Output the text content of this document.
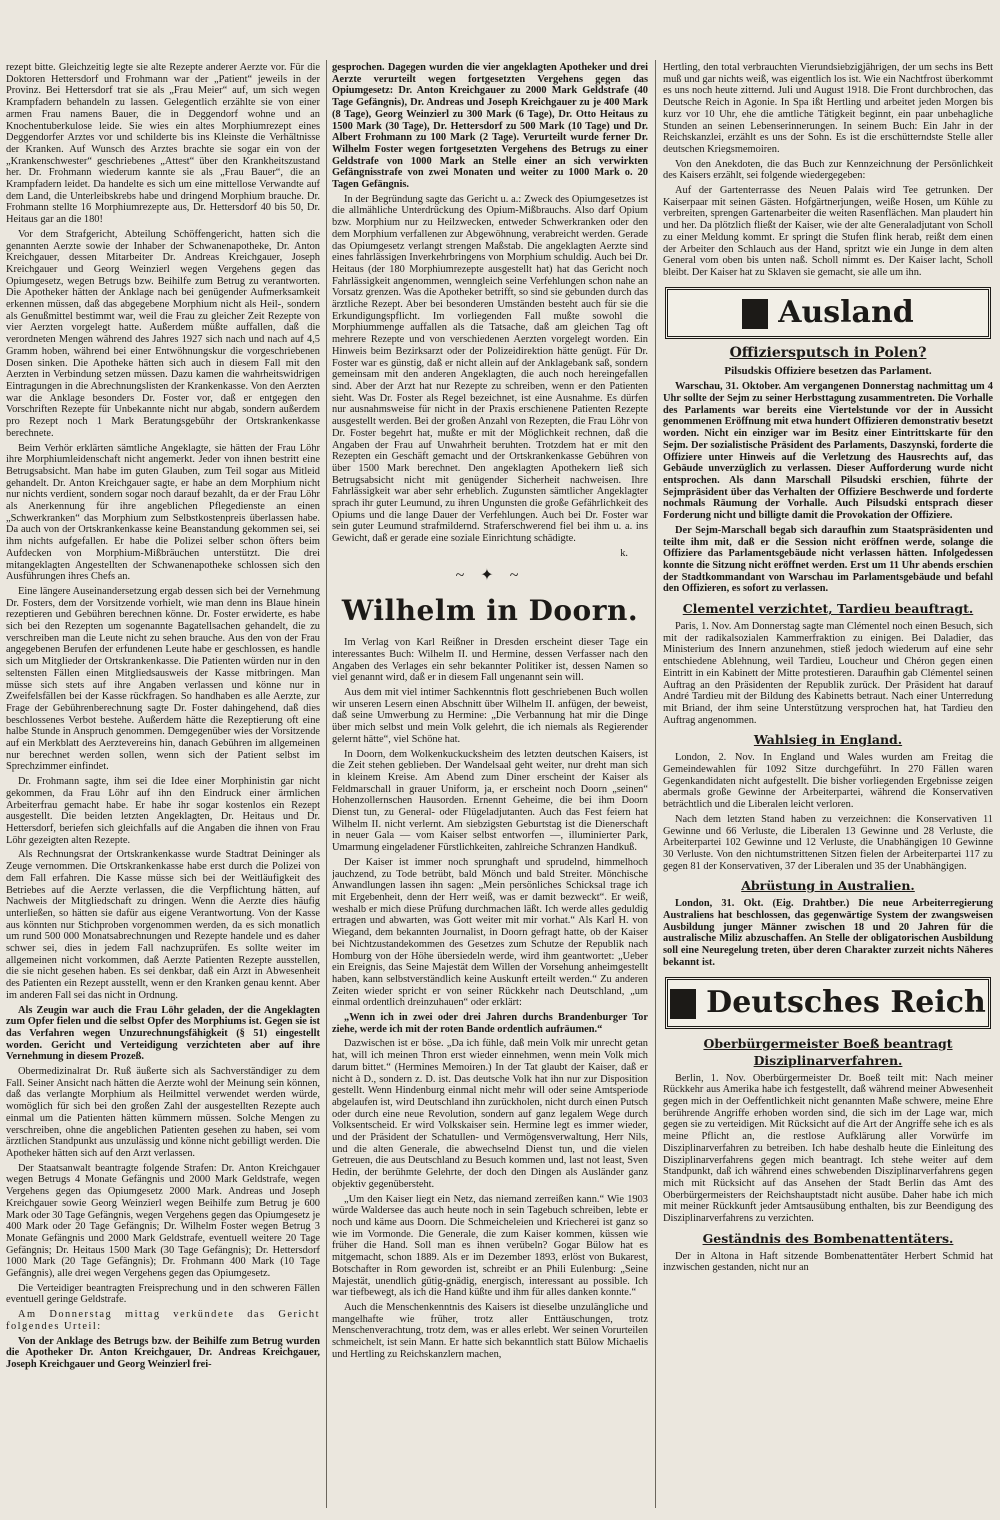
rezept bitte. Gleichzeitig legte sie alte Rezepte anderer Aerzte vor. Für die Doktoren Hettersdorf und Frohmann war der „Patient“ jeweils in der Provinz. Bei Hettersdorf trat sie als „Frau Meier“ auf, um sich wegen Krampfadern behandeln zu lassen. Gelegentlich erzählte sie von einer armen Frau namens Bauer, die in Deggendorf wohne und an Knochentuberkulose leide. Sie wies ein altes Morphiumrezept eines Deggendorfer Arztes vor und schilderte bis ins Kleinste die Verhältnisse der Kranken. Auf Wunsch des Arztes brachte sie sogar ein von der „Krankenschwester“ geschriebenes „Attest“ über den Krankheitszustand her. Dr. Frohmann wiederum kannte sie als „Frau Bauer“, die an Krampfadern leidet. Da handelte es sich um eine mittellose Verwandte auf dem Land, die Unterleibskrebs habe und dringend Morphium brauche. Dr. Frohmann stellte 16 Morphiumrezepte aus, Dr. Hettersdorf 40 bis 50, Dr. Heitaus gar an die 180!

Vor dem Strafgericht, Abteilung Schöffengericht, hatten sich die genannten Aerzte sowie der Inhaber der Schwanenapotheke, Dr. Anton Kreichgauer, dessen Mitarbeiter Dr. Andreas Kreichgauer, Joseph Kreichgauer und Georg Weinzierl wegen Vergehens gegen das Opiumgesetz, wegen Betrugs bzw. Beihilfe zum Betrug zu verantworten. Die Apotheker hätten der Anklage nach bei genügender Aufmerksamkeit erkennen müssen, daß das abgegebene Morphium nicht als Heil-, sondern als Genußmittel bestimmt war, weil die Frau zu gleicher Zeit Rezepte von vier Aerzten vorgelegt hatte. Außerdem müßte auffallen, daß die verordneten Mengen während des Jahres 1927 sich nach und nach auf 4,5 Gramm hoben, während bei einer Entwöhnungskur die vorgeschriebenen Dosen sinken. Die Apotheke hätten sich auch in diesem Fall mit den Aerzten in Verbindung setzen müssen. Dazu kamen die wahrheitswidrigen Eintragungen in die Abrechnungslisten der Krankenkasse. Von den Aerzten war die Anklage besonders Dr. Foster vor, daß er entgegen den Vorschriften Rezepte für Unbekannte nicht nur abgab, sondern außerdem pro Rezept noch 1 Mark Beratungsgebühr der Ortskrankenkasse berechnete.

Beim Verhör erklärten sämtliche Angeklagte, sie hätten der Frau Löhr ihre Morphiumleidenschaft nicht angemerkt. Jeder von ihnen bestritt eine Betrugsabsicht. Man habe im guten Glauben, zum Teil sogar aus Mitleid gehandelt. Dr. Anton Kreichgauer sagte, er habe an dem Morphium nicht nur nichts verdient, sondern sogar noch darauf bezahlt, da er der Frau Löhr als Anerkennung für ihre angeblichen Pflegedienste an einen „Schwerkranken“ das Morphium zum Selbstkostenpreis überlassen habe. Da auch von der Ortskrankenkasse keine Beanstandung gekommen sei, sei ihm nichts aufgefallen. Er habe die Polizei selber schon öfters beim Aufdecken von Morphium-Mißbräuchen unterstützt. Die drei mitangeklagten Angestellten der Schwanenapotheke schlossen sich den Ausführungen ihres Chefs an.

Eine längere Auseinandersetzung ergab dessen sich bei der Vernehmung Dr. Fosters, dem der Vorsitzende vorhielt, wie man denn ins Blaue hinein rezeptieren und Gebühren berechnen könne. Dr. Foster erwiderte, es habe sich bei den Rezepten um sogenannte Bagatellsachen gehandelt, die zu verschreiben man die Leute nicht zu sehen brauche. Aus den von der Frau angegebenen Berufen der erfundenen Leute habe er geschlossen, es handle sich um Mitglieder der Ortskrankenkasse. Die Patienten würden nur in den seltensten Fällen einen Mitgliedsausweis der Kasse mitbringen. Man müsse sich stets auf ihre Angaben verlassen und könne nur in Zweifelsfällen bei der Kasse rückfragen. So handhaben es alle Aerzte, zur Frage der Gebührenberechnung sagte Dr. Foster dahingehend, daß dies beschlossenes Verbot bestehe. Außerdem hätte die Rezeptierung oft eine halbe Stunde in Anspruch genommen. Demgegenüber wies der Vorsitzende auf ein Merkblatt des Aerztevereins hin, danach Gebühren im allgemeinen nur berechnet werden sollen, wenn sich der Patient selbst im Sprechzimmer einfindet.

Dr. Frohmann sagte, ihm sei die Idee einer Morphinistin gar nicht gekommen, da Frau Löhr auf ihn den Eindruck einer ärmlichen Arbeiterfrau gemacht habe. Er habe ihr sogar kostenlos ein Rezept ausgestellt. Die beiden letzten Angeklagten, Dr. Heitaus und Dr. Hettersdorf, beriefen sich gleichfalls auf die Angaben die ihnen von Frau Löhr gezeigten alten Rezepte.

Als Rechnungsrat der Ortskrankenkasse wurde Stadtrat Deininger als Zeuge vernommen. Die Ortskrankenkasse habe erst durch die Polizei von dem Fall erfahren. Die Kasse müsse sich bei der Weitläufigkeit des Betriebes auf die Aerzte verlassen, die die Verpflichtung hätten, auf Nachweis der Mitgliedschaft zu dringen. Wenn die Aerzte dies häufig unterließen, so hätten sie dafür aus eigene Verantwortung. Von der Kasse aus könnten nur Stichproben vorgenommen werden, da es sich monatlich um rund 500 000 Monatsabrechnungen und Rezepte handele und es daher schwer sei, dies in jedem Fall nachzuprüfen. Es sollte weiter im allgemeinen nicht vorkommen, daß Aerzte Patienten Rezepte ausstellen, die sie nicht gesehen haben. Es sei denkbar, daß ein Arzt in Abwesenheit des Patienten ein Rezept ausstellt, wenn er den Kranken genau kennt. Aber im anderen Fall sei das nicht in Ordnung.

Als Zeugin war auch die Frau Löhr geladen, der die Angeklagten zum Opfer fielen und die selbst Opfer des Morphiums ist. Gegen sie ist das Verfahren wegen Unzurechnungsfähigkeit (§ 51) eingestellt worden. Gericht und Verteidigung verzichteten aber auf ihre Vernehmung in diesem Prozeß.

Obermedizinalrat Dr. Ruß äußerte sich als Sachverständiger zu dem Fall. Seiner Ansicht nach hätten die Aerzte wohl der Meinung sein können, daß das verlangte Morphium als Heilmittel verwendet werden würde, womöglich für sich bei den großen Zahl der ausgestellten Rezepte auch einmal um die Patienten hätten kümmern müssen. Solche Mengen zu verschreiben, ohne die angeblichen Patienten gesehen zu haben, sei vom ärztlichen Standpunkt aus unzulässig und könne nicht gebilligt werden. Die Apotheker hätten sich auf den Arzt verlassen.

Der Staatsanwalt beantragte folgende Strafen: Dr. Anton Kreichgauer wegen Betrugs 4 Monate Gefängnis und 2000 Mark Geldstrafe, wegen Vergehens gegen das Opiumgesetz 2000 Mark. Andreas und Joseph Kreichgauer sowie Georg Weinzierl wegen Beihilfe zum Betrug je 600 Mark oder 30 Tage Gefängnis, wegen Vergehens gegen das Opiumgesetz je 400 Mark oder 20 Tage Gefängnis; Dr. Wilhelm Foster wegen Betrug 3 Monate Gefängnis und 2000 Mark Geldstrafe, eventuell weitere 20 Tage Gefängnis; Dr. Heitaus 1500 Mark (30 Tage Gefängnis); Dr. Hettersdorf 1000 Mark (20 Tage Gefängnis); Dr. Frohmann 400 Mark (10 Tage Gefängnis), alle drei wegen Vergehens gegen das Opiumgesetz.

Die Verteidiger beantragten Freisprechung und in den schweren Fällen eventuell geringe Geldstrafe.

Am Donnerstag mittag verkündete das Gericht folgendes Urteil:

Von der Anklage des Betrugs bzw. der Beihilfe zum Betrug wurden die Apotheker Dr. Anton Kreichgauer, Dr. Andreas Kreichgauer, Joseph Kreichgauer und Georg Weinzierl frei-

gesprochen. Dagegen wurden die vier angeklagten Apotheker und drei Aerzte verurteilt wegen fortgesetzten Vergehens gegen das Opiumgesetz: Dr. Anton Kreichgauer zu 2000 Mark Geldstrafe (40 Tage Gefängnis), Dr. Andreas und Joseph Kreichgauer zu je 400 Mark (8 Tage), Georg Weinzierl zu 300 Mark (6 Tage), Dr. Otto Heitaus zu 1500 Mark (30 Tage), Dr. Hettersdorf zu 500 Mark (10 Tage) und Dr. Albert Frohmann zu 100 Mark (2 Tage). Verurteilt wurde ferner Dr. Wilhelm Foster wegen fortgesetzten Vergehens des Betrugs zu einer Geldstrafe von 1000 Mark an Stelle einer an sich verwirkten Gefängnisstrafe von zwei Monaten und weiter zu 1000 Mark o. 20 Tagen Gefängnis.

In der Begründung sagte das Gericht u. a.: Zweck des Opiumgesetzes ist die allmähliche Unterdrückung des Opium-Mißbrauchs. Also darf Opium bzw. Morphium nur zu Heilzwecken, entweder Schwerkranken oder den dem Morphium verfallenen zur Abgewöhnung, verabreicht werden. Gerade das Opiumgesetz verlangt strengen Maßstab. Die angeklagten Aerzte sind eines fahrlässigen Inverkehrbringens von Morphium schuldig. Auch bei Dr. Heitaus (der 180 Morphiumrezepte ausgestellt hat) hat das Gericht noch Fahrlässigkeit angenommen, wenngleich seine Verfehlungen schon nahe an Vorsatz grenzen. Was die Apotheker betrifft, so sind sie gebunden durch das ärztliche Rezept. Aber bei besonderen Umständen besteht auch für sie die Erkundigungspflicht. Im vorliegenden Fall mußte sowohl die Morphiummenge auffallen als die Tatsache, daß am gleichen Tag oft mehrere Rezepte und von verschiedenen Aerzten vorgelegt worden. Ein Hinweis beim Bezirksarzt oder der Polizeidirektion hätte genügt. Für Dr. Foster war es günstig, daß er nicht allein auf der Anklagebank saß, sondern gemeinsam mit den anderen Angeklagten, die auch noch hereingefallen sind. Aber der Arzt hat nur Rezepte zu schreiben, wenn er den Patienten sieht. Was Dr. Foster als Regel bezeichnet, ist eine Ausnahme. Es dürfen nur ausnahmsweise für nicht in der Praxis erschienene Patienten Rezepte ausgestellt werden. Bei der großen Anzahl von Rezepten, die Frau Löhr von Dr. Foster begehrt hat, mußte er mit der Möglichkeit rechnen, daß die Angaben der Frau auf Unwahrheit beruhten. Trotzdem hat er mit den Rezepten ein Geschäft gemacht und der Ortskrankenkasse Gebühren von über 1500 Mark berechnet. Den angeklagten Apothekern ließ sich Betrugsabsicht nicht mit genügender Sicherheit nachweisen. Ihre Fahrlässigkeit war aber sehr erheblich. Zugunsten sämtlicher Angeklagter sprach ihr guter Leumund, zu ihren Ungunsten die große Gefährlichkeit des Opiums und die lange Dauer der Verfehlungen. Auch bei Dr. Foster war sein guter Leumund strafmildernd. Straferschwerend fiel bei ihm u. a. ins Gewicht, daß er gerade eine soziale Einrichtung schädigte.

k.
~ ✦ ~
Wilhelm in Doorn.

Im Verlag von Karl Reißner in Dresden erscheint dieser Tage ein interessantes Buch: Wilhelm II. und Hermine, dessen Verfasser nach den Angaben des Verlages ein sehr bekannter Politiker ist, dessen Namen so viel genannt wird, daß er in diesem Fall ungenannt sein will.

Aus dem mit viel intimer Sachkenntnis flott geschriebenen Buch wollen wir unseren Lesern einen Abschnitt über Wilhelm II. anfügen, der beweist, daß seine Umwerbung zu Hermine: „Die Verbannung hat mir die Dinge über mich selbst und mein Volk gelehrt, die ich niemals als Regierender gelernt hätte“, viel Schöne hat.

In Doorn, dem Wolkenkuckucksheim des letzten deutschen Kaisers, ist die Zeit stehen geblieben. Der Wandelsaal geht weiter, nur dreht man sich in kleinem Kreise. Am Abend zum Diner erscheint der Kaiser als Feldmarschall in grauer Uniform, ja, er erscheint noch Doorn „seinen“ Hohenzollernschen Hausorden. Ernennt Geheime, die bei ihm Doorn Dienst tun, zu General- oder Flügeladjutanten. Auch das Fest feiern hat Wilhelm II. nicht verlernt. Am siebzigsten Geburtstag ist die Dienerschaft in neuer Gala — vom Kaiser selbst entworfen —, illuminierter Park, Umarmung eingeladener Fürstlichkeiten, zahlreiche Schranzen Handkuß.

Der Kaiser ist immer noch sprunghaft und sprudelnd, himmelhoch jauchzend, zu Tode betrübt, bald Mönch und bald Streiter. Mönchische Anwandlungen lassen ihn sagen: „Mein persönliches Schicksal trage ich mit Ergebenheit, denn der Herr weiß, was er damit bezweckt“. Er weiß, weshalb er mich diese Prüfung durchmachen läßt. Ich werde alles geduldig ertragen und abwarten, was Gott weiter mit mir vorhat.“ Als Karl H. von Wiegand, dem bekannten Journalist, in Doorn gefragt hatte, ob der Kaiser bei Nichtzustandekommen des Gesetzes zum Schutze der Republik nach Homburg von der Höhe übersiedeln werde, wird ihm geantwortet: „Ueber ein Ereignis, das Seine Majestät dem Willen der Vorsehung anheimgestellt haben, kann selbstverständlich keine Auskunft erteilt werden.“ Zu anderen Zeiten wieder spricht er von seiner Rückkehr nach Deutschland, „um einmal ordentlich dreinzuhauen“ oder erklärt:

„Wenn ich in zwei oder drei Jahren durchs Brandenburger Tor ziehe, werde ich mit der roten Bande ordentlich aufräumen.“

Dazwischen ist er böse. „Da ich fühle, daß mein Volk mir unrecht getan hat, will ich meinen Thron erst wieder einnehmen, wenn mein Volk mich darum bittet.“ (Hermines Memoiren.) In der Tat glaubt der Kaiser, daß er nicht à D., sondern z. D. ist. Das deutsche Volk hat ihn nur zur Disposition gestellt. Wenn Hindenburg einmal nicht mehr will oder seine Amtsperiode abgelaufen ist, wird Deutschland ihn zurückholen, nicht durch einen Putsch oder durch eine neue Revolution, sondern auf ganz legalem Wege durch Volksentscheid. Er wird Volkskaiser sein. Hermine legt es immer wieder, und der Präsident der Schatullen- und Vermögensverwaltung, Herr Nils, und die alten Generale, die abwechselnd Dienst tun, und die vielen Getreuen, die aus Deutschland zu Besuch kommen und, last not least, Sven Hedin, der berühmte Gelehrte, der doch den Dingen als Ausländer ganz objektiv gegenübersteht.

„Um den Kaiser liegt ein Netz, das niemand zerreißen kann.“ Wie 1903 würde Waldersee das auch heute noch in sein Tagebuch schreiben, lebte er noch und käme aus Doorn. Die Schmeicheleien und Kriecherei ist ganz so wie im Vormonde. Die Generale, die zum Kaiser kommen, küssen wie früher die Hand. Soll man es ihnen verübeln? Gogar Bülow hat es mitgemacht, schon 1889. Als er im Dezember 1893, erlöst von Bukarest, Botschafter in Rom geworden ist, schreibt er an Phili Eulenburg: „Seine Majestät, unendlich gütig-gnädig, energisch, interessant au possible. Ich war tiefbewegt, als ich die Hand küßte und ihm für alles danken konnte.“

Auch die Menschenkenntnis des Kaisers ist dieselbe unzulängliche und mangelhafte wie früher, trotz aller Enttäuschungen, trotz Menschenverachtung, trotz dem, was er alles erlebt. Wer seinen Vorurteilen schmeichelt, ist sein Mann. Er hatte sich bekanntlich statt Bülow Michaelis und Hertling zu Reichskanzlern machen,

Hertling, den total verbrauchten Vierundsiebzigjährigen, der um sechs ins Bett muß und gar nichts weiß, was eigentlich los ist. Wie ein Nachtfrost überkommt es uns noch heute zitternd. Juli und August 1918. Die Front durchbrochen, das Deutsche Reich in Agonie. In Spa ißt Hertling und arbeitet jeden Morgen bis kurz vor 10 Uhr, ehe die amtliche Tätigkeit beginnt, ein paar unbehagliche Stunden an seinen Lebenserinnerungen. In seinem Buch: Ein Jahr in der Reichskanzlei, erzählt es uns der Sohn. Es ist die erschütterndste Stelle aller deutschen Kriegsmemoiren.

Von den Anekdoten, die das Buch zur Kennzeichnung der Persönlichkeit des Kaisers erzählt, sei folgende wiedergegeben:

Auf der Gartenterrasse des Neuen Palais wird Tee getrunken. Der Kaiserpaar mit seinen Gästen. Hofgärtnerjungen, weiße Hosen, um Kühle zu verbreiten, sprengen Gartenarbeiter die weiten Rasenflächen. Man plaudert hin und her. Da plötzlich fließt der Kaiser, wie der alte Generaladjutant von Scholl zu einer Meldung kommt. Er springt die Stufen flink herab, reißt dem einen der Arbeiter den Schlauch aus der Hand, spritzt wie ein Junge in dem alten General vom oben bis unten naß. Scholl nimmt es. Der Kaiser lacht, Scholl bleibt. Der Kaiser hat zu Sklaven sie gemacht, sie alle um ihn.

Ausland
Offiziersputsch in Polen?
Pilsudskis Offiziere besetzen das Parlament.

Warschau, 31. Oktober. Am vergangenen Donnerstag nachmittag um 4 Uhr sollte der Sejm zu seiner Herbsttagung zusammentreten. Die Vorhalle des Parlaments war bereits eine Viertelstunde vor der in Aussicht genommenen Eröffnung mit etwa hundert Offizieren demonstrativ besetzt worden. Nicht ein einziger war im Besitz einer Eintrittskarte für den Sejm. Der sozialistische Präsident des Parlaments, Daszynski, forderte die Offiziere unter Hinweis auf die Verletzung des Hausrechts auf, das Gebäude unverzüglich zu verlassen. Dieser Aufforderung wurde nicht entsprochen. Als dann Marschall Pilsudski erschien, führte der Sejmpräsident über das Verhalten der Offiziere Beschwerde und forderte nochmals Räumung der Vorhalle. Auch Pilsudski entsprach dieser Forderung nicht und billigte damit die Provokation der Offiziere.

Der Sejm-Marschall begab sich daraufhin zum Staatspräsidenten und teilte ihm mit, daß er die Session nicht eröffnen werde, solange die Offiziere das Parlamentsgebäude nicht verlassen hätten. Infolgedessen konnte die Sitzung nicht eröffnet werden. Erst um 11 Uhr abends erschien der Stadtkommandant von Warschau im Parlamentsgebäude und befahl den Offizieren, es sofort zu verlassen.

Clementel verzichtet, Tardieu beauftragt.

Paris, 1. Nov. Am Donnerstag sagte man Clémentel noch einen Besuch, sich mit der radikalsozialen Kammerfraktion zu einigen. Bei Daladier, das Ministerium des Innern anzunehmen, stieß jedoch wiederum auf eine sehr entschiedene Ablehnung, weil Tardieu, Loucheur und Chéron gegen einen Eintritt in ein Kabinett der Mitte protestieren. Daraufhin gab Clémentel seinen Auftrag an den Präsidenten der Republik zurück. Der Präsident hat darauf André Tardieu mit der Bildung des Kabinetts betraut. Nach einer Unterredung mit Briand, der ihm seine Unterstützung versprochen hat, hat Tardieu den Auftrag angenommen.

Wahlsieg in England.

London, 2. Nov. In England und Wales wurden am Freitag die Gemeindewahlen für 1092 Sitze durchgeführt. In 270 Fällen waren Gegenkandidaten nicht aufgestellt. Die bisher vorliegenden Ergebnisse zeigen abermals große Gewinne der Arbeiterpartei, während die Konservativen beträchtlich und die Liberalen leicht verloren.

Nach dem letzten Stand haben zu verzeichnen: die Konservativen 11 Gewinne und 66 Verluste, die Liberalen 13 Gewinne und 28 Verluste, die Arbeiterpartei 102 Gewinne und 12 Verluste, die Unabhängigen 10 Gewinne 30 Verluste. Von den nichtumstrittenen Sitzen fielen der Arbeiterpartei 117 zu gegen 81 der Konservativen, 37 der Liberalen und 35 der Unabhängigen.

Abrüstung in Australien.

London, 31. Okt. (Eig. Drahtber.) Die neue Arbeiterregierung Australiens hat beschlossen, das gegenwärtige System der zwangsweisen Ausbildung junger Männer zwischen 18 und 20 Jahren für die australische Miliz abzuschaffen. An Stelle der obligatorischen Ausbildung soll eine Neuregelung treten, über deren Charakter zurzeit nichts Näheres bekannt ist.

Deutsches Reich
Oberbürgermeister Boeß beantragt Disziplinarverfahren.

Berlin, 1. Nov. Oberbürgermeister Dr. Boeß teilt mit: Nach meiner Rückkehr aus Amerika habe ich festgestellt, daß während meiner Abwesenheit gegen mich in der Oeffentlichkeit nicht genannten Maße schwere, meine Ehre berührende Angriffe erhoben worden sind, die sich im der Lage war, mich gegen sie zu verteidigen. Mit Rücksicht auf die Art der Angriffe sehe ich es als meine Pflicht an, die restlose Aufklärung aller Vorwürfe im Disziplinarverfahren zu betreiben. Ich habe deshalb heute die Einleitung des Disziplinarverfahrens gegen mich beantragt. Ich stehe weiter auf dem Standpunkt, daß ich während eines schwebenden Disziplinarverfahrens gegen mich mit Rücksicht auf das Ansehen der Stadt Berlin das Amt des Oberbürgermeisters der Reichshauptstadt nicht ausübe. Daher habe ich mich mit meiner Rückkunft jeder Amtsausübung enthalten, bis zur Beendigung des Disziplinarverfahrens zu verzichten.

Geständnis des Bombenattentäters.

Der in Altona in Haft sitzende Bombenattentäter Herbert Schmid hat inzwischen gestanden, nicht nur an
